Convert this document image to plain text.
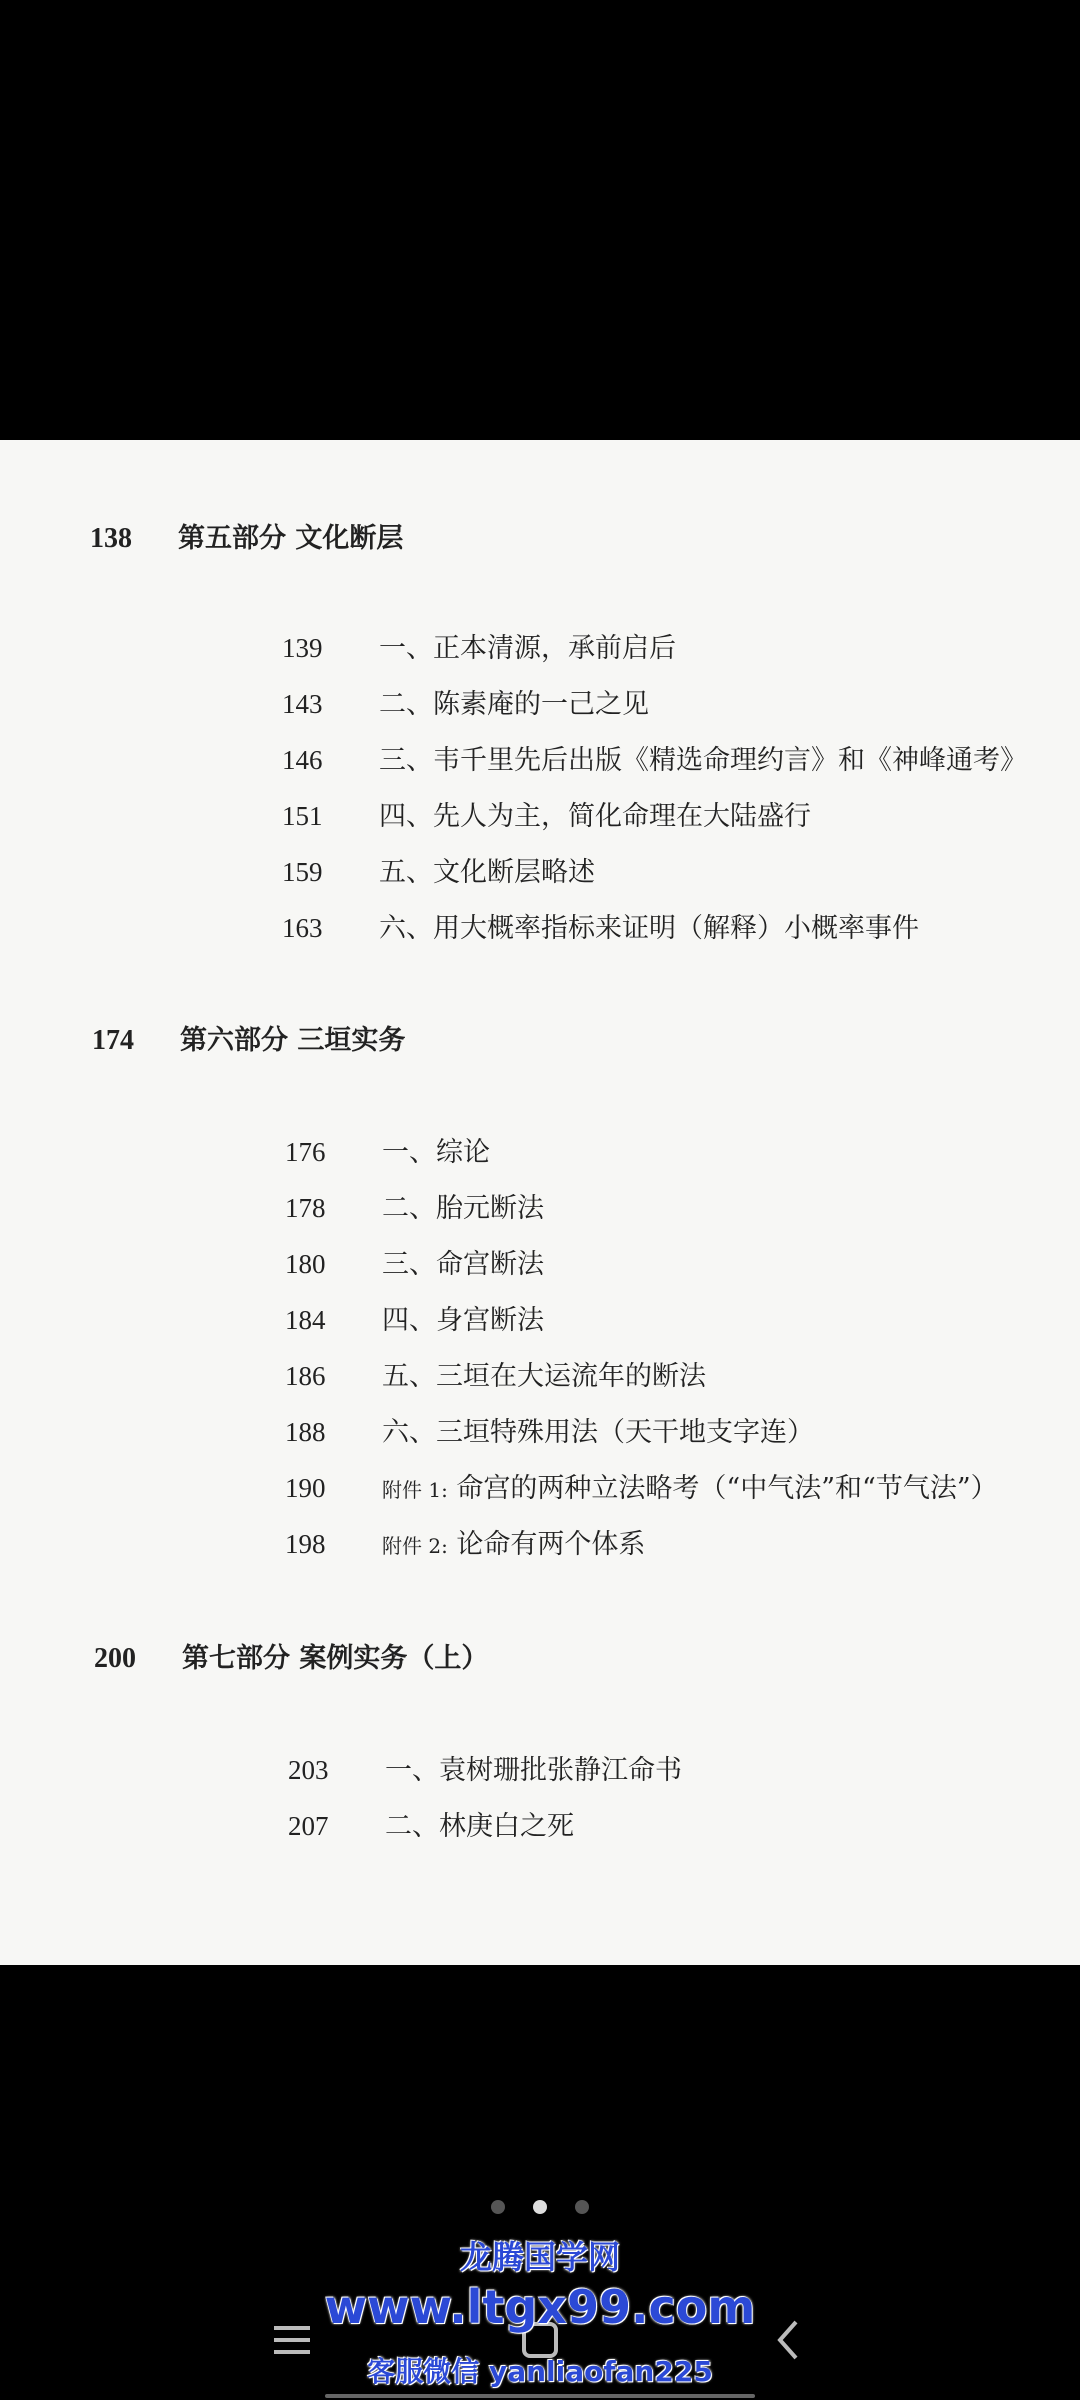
138	第五部分 文化断层
139	一、正本清源，承前启后
143	二、陈素庵的一己之见
146	三、韦千里先后出版《精选命理约言》和《神峰通考》
151	四、先人为主，简化命理在大陆盛行
159	五、文化断层略述
163	六、用大概率指标来证明（解释）小概率事件
174	第六部分 三垣实务
176	一、综论
178	二、胎元断法
180	三、命宫断法
184	四、身宫断法
186	五、三垣在大运流年的断法
188	六、三垣特殊用法（天干地支字连）
190	附件 1: 命宫的两种立法略考（“中气法”和“节气法”）
198	附件 2: 论命有两个体系
200	第七部分 案例实务（上）
203	一、袁树珊批张静江命书
207	二、林庚白之死
龙腾国学网
www.ltgx99.com
客服微信 yanliaofan225
